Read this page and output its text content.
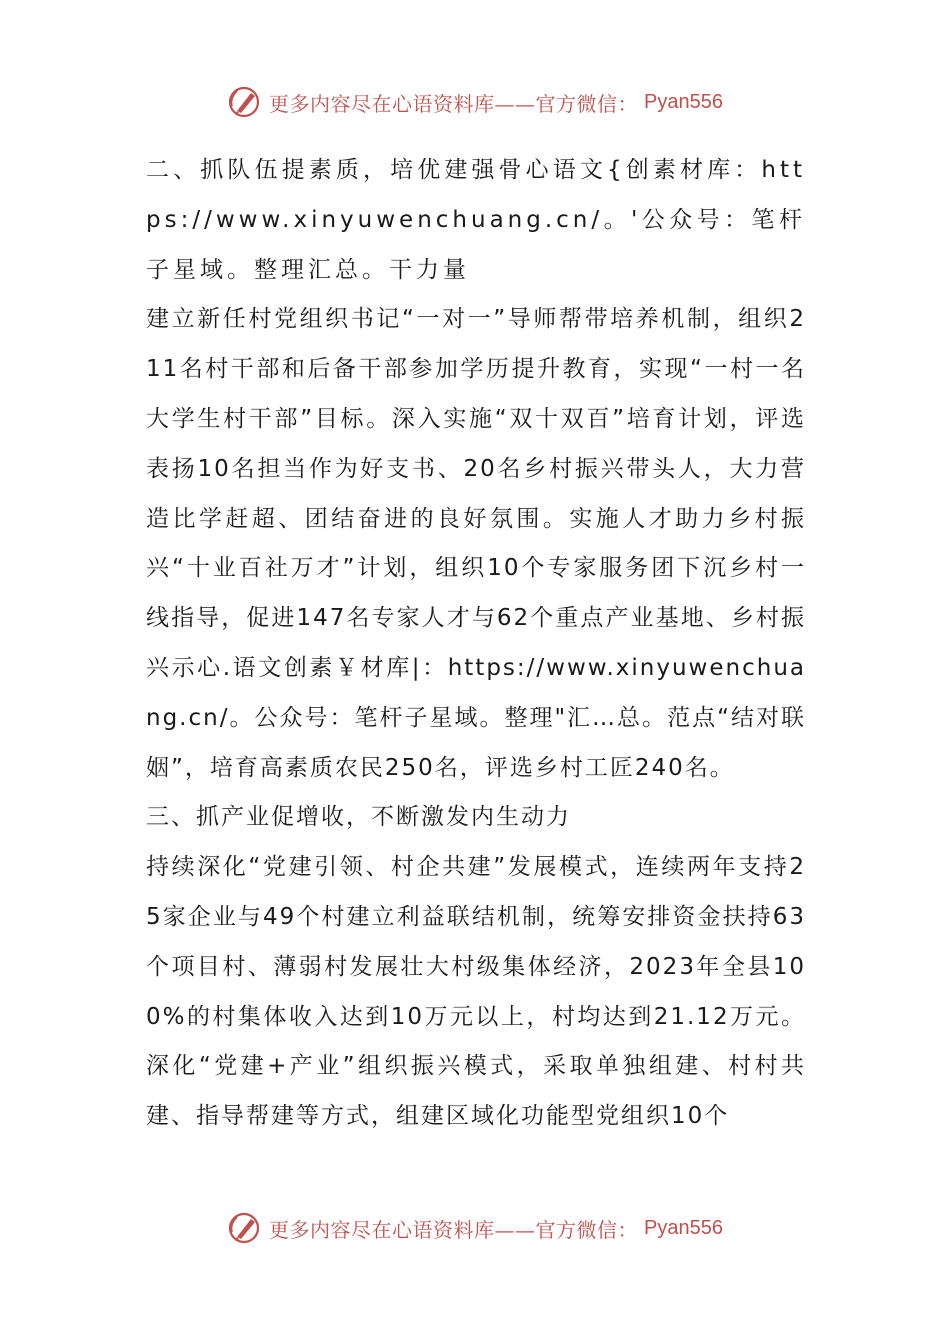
更多内容尽在心语资料库——官方微信： Pyan556

二、抓队伍提素质，培优建强骨心语文{创素材库：https://www.xinyuwenchuang.cn/。'公众号：笔杆子星域。整理汇总。干力量

建立新任村党组织书记“一对一”导师帮带培养机制，组织211名村干部和后备干部参加学历提升教育，实现“一村一名大学生村干部”目标。深入实施“双十双百”培育计划，评选表扬10名担当作为好支书、20名乡村振兴带头人，大力营造比学赶超、团结奋进的良好氛围。实施人才助力乡村振兴“十业百社万才”计划，组织10个专家服务团下沉乡村一线指导，促进147名专家人才与62个重点产业基地、乡村振兴示心.语文创素￥材库|：https://www.xinyuwenchuang.cn/。公众号：笔杆子星域。整理"汇…总。范点“结对联姻”，培育高素质农民250名，评选乡村工匠240名。

三、抓产业促增收，不断激发内生动力

持续深化“党建引领、村企共建”发展模式，连续两年支持25家企业与49个村建立利益联结机制，统筹安排资金扶持63个项目村、薄弱村发展壮大村级集体经济，2023年全县100%的村集体收入达到10万元以上，村均达到21.12万元。深化“党建+产业”组织振兴模式，采取单独组建、村村共建、指导帮建等方式，组建区域化功能型党组织10个

更多内容尽在心语资料库——官方微信： Pyan556
